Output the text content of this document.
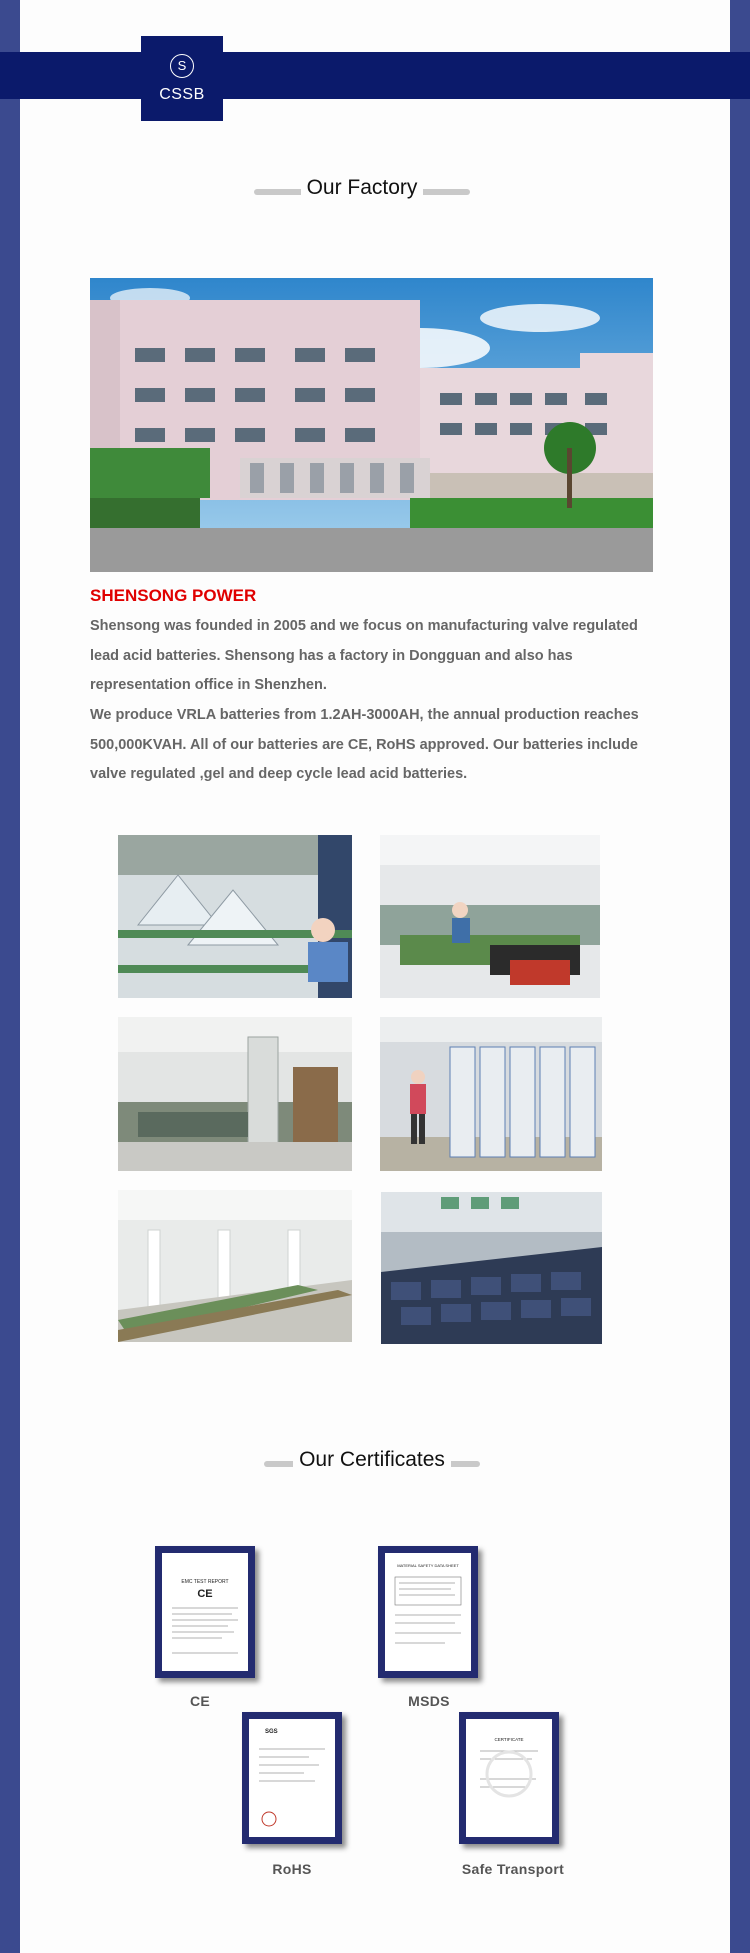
S
CSSB
Our Factory
SHENSONG POWER
Shensong was founded in 2005 and we focus on manufacturing valve regulated lead acid batteries. Shensong has a factory in Dongguan and also has representation office in Shenzhen.
We produce VRLA batteries from 1.2AH-3000AH, the annual production reaches 500,000KVAH. All of our batteries are CE, RoHS approved. Our batteries include valve regulated ,gel and deep cycle lead acid batteries.
Our Certificates
EMC TEST REPORT
CE
CE
MATERIAL SAFETY DATA SHEET
MSDS
SGS
RoHS
CERTIFICATE
Safe Transport
